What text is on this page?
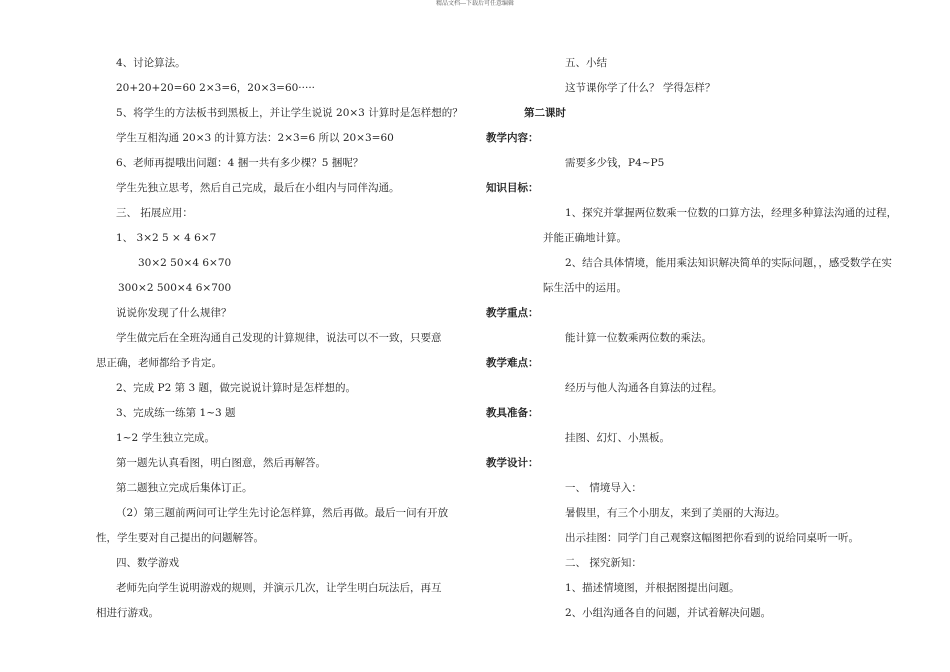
精品文档---下载后可任意编辑
4、讨论算法。
20+20+20=60 2×3=6，20×3=60·····
5、将学生的方法板书到黑板上，并让学生说说 20×3 计算时是怎样想的？
学生互相沟通 20×3 的计算方法：2×3=6 所以 20×3=60
6、老师再提哦出问题：4 捆一共有多少棵？5 捆呢？
学生先独立思考，然后自己完成，最后在小组内与同伴沟通。
三、 拓展应用：
1、 3×2 5 × 4 6×7
30×2 50×4 6×70
300×2 500×4 6×700
说说你发现了什么规律？
学生做完后在全班沟通自己发现的计算规律，说法可以不一致，只要意
思正确，老师都给予肯定。
2、完成 P2 第 3 题，做完说说计算时是怎样想的。
3、完成练一练第 1~3 题
1~2 学生独立完成。
第一题先认真看图，明白图意，然后再解答。
第二题独立完成后集体订正。
（2）第三题前两问可让学生先讨论怎样算，然后再做。最后一问有开放
性，学生要对自己提出的问题解答。
四、数学游戏
老师先向学生说明游戏的规则，并演示几次，让学生明白玩法后，再互
相进行游戏。
五、小结
这节课你学了什么？ 学得怎样？
第二课时
教学内容：
需要多少钱，P4~P5
知识目标：
1、探究并掌握两位数乘一位数的口算方法，经理多种算法沟通的过程，
并能正确地计算。
2、结合具体情境，能用乘法知识解决简单的实际问题，，感受数学在实
际生活中的运用。
教学重点：
能计算一位数乘两位数的乘法。
教学难点：
经历与他人沟通各自算法的过程。
教具准备：
挂图、幻灯、小黑板。
教学设计：
一、 情境导入：
暑假里，有三个小朋友，来到了美丽的大海边。
出示挂图：同学门自己观察这幅图把你看到的说给同桌听一听。
二、 探究新知：
1、描述情境图，并根据图提出问题。
2、小组沟通各自的问题，并试着解决问题。
